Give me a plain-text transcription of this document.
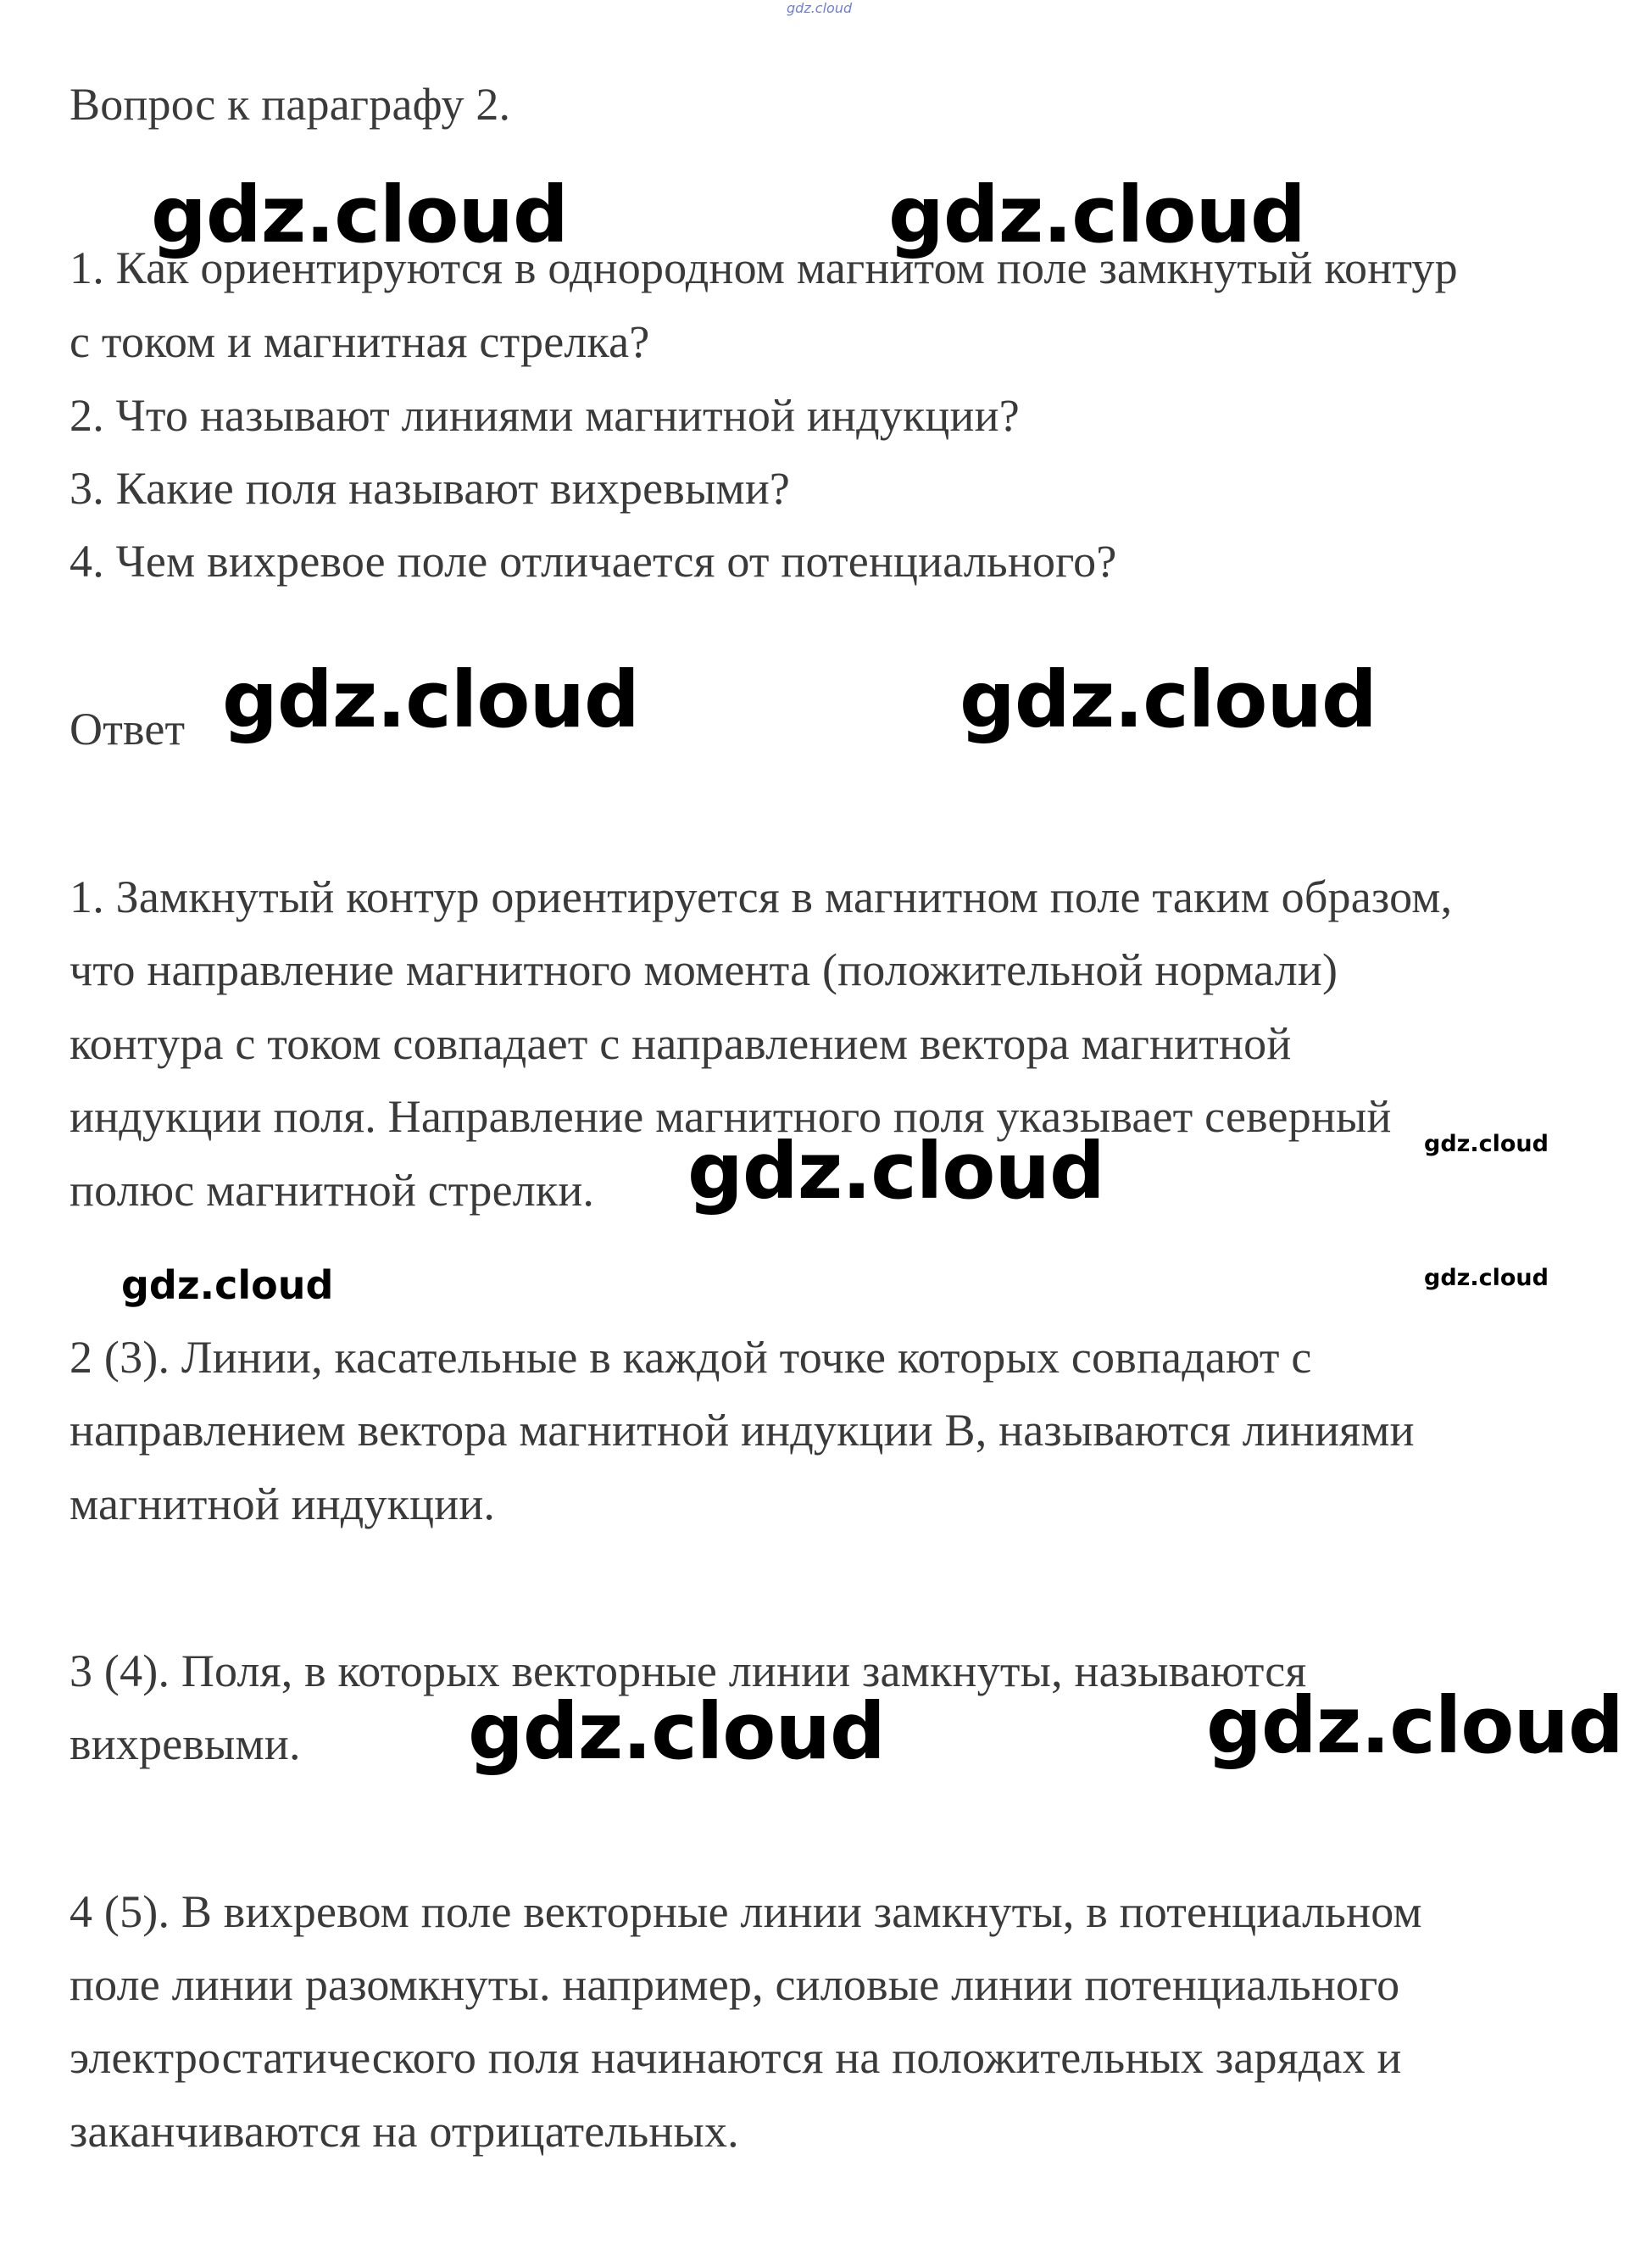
gdz.cloud

Вопрос к параграфу 2.

1. Как ориентируются в однородном магнитом поле замкнутый контур

с током и магнитная стрелка?

2. Что называют линиями магнитной индукции?

3. Какие поля называют вихревыми?

4. Чем вихревое поле отличается от потенциального?

Ответ

1. Замкнутый контур ориентируется в магнитном поле таким образом,

что направление магнитного момента (положительной нормали)

контура с током совпадает с направлением вектора магнитной

индукции поля. Направление магнитного поля указывает северный

полюс магнитной стрелки.

2 (3). Линии, касательные в каждой точке которых совпадают с

направлением вектора магнитной индукции В, называются линиями

магнитной индукции.

3 (4). Поля, в которых векторные линии замкнуты, называются

вихревыми.

4 (5). В вихревом поле векторные линии замкнуты, в потенциальном

поле линии разомкнуты. например, силовые линии потенциального

электростатического поля начинаются на положительных зарядах и

заканчиваются на отрицательных.

gdz.cloud	gdz.cloud
gdz.cloud	gdz.cloud
gdz.cloud	gdz.cloud
gdz.cloud	gdz.cloud
gdz.cloud	gdz.cloud
